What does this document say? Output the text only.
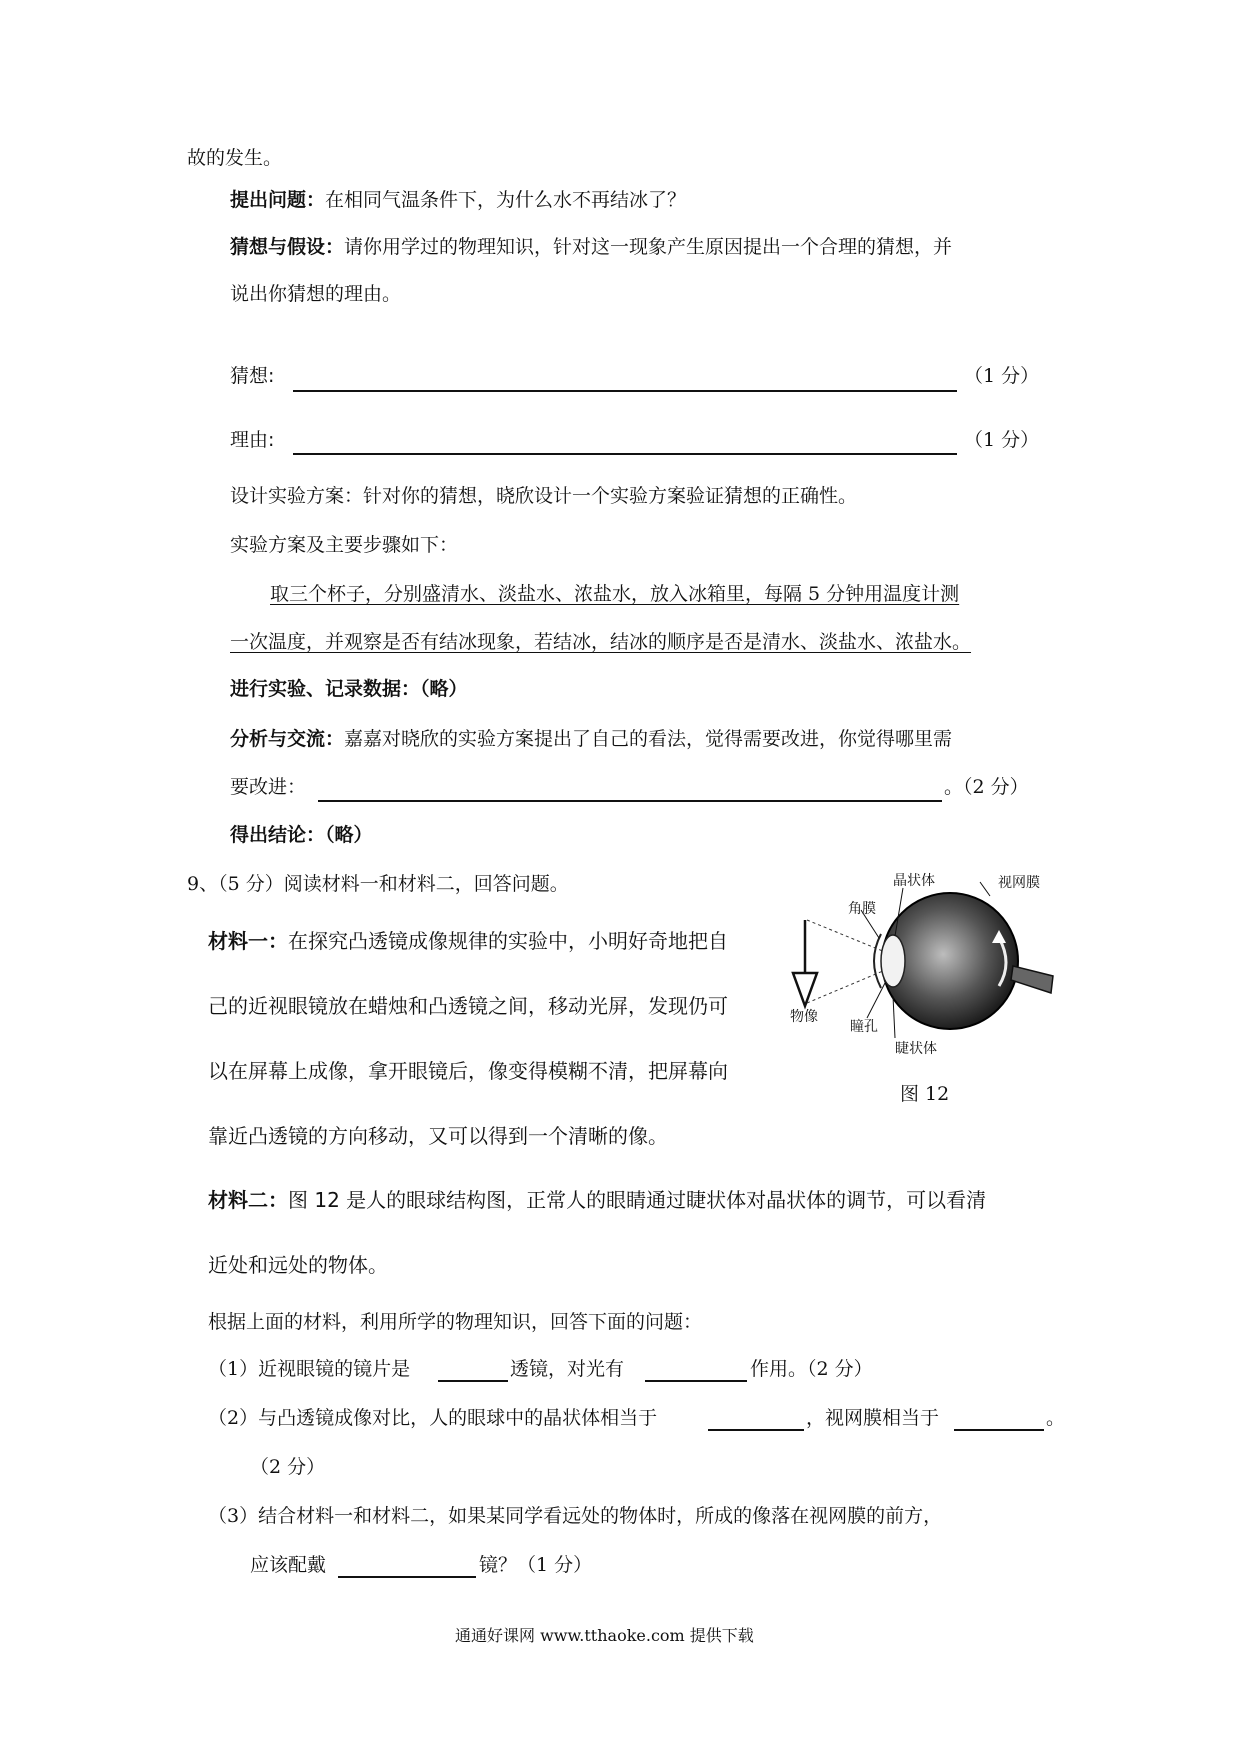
故的发生。
提出问题：在相同气温条件下，为什么水不再结冰了？
猜想与假设：请你用学过的物理知识，针对这一现象产生原因提出一个合理的猜想，并
说出你猜想的理由。
猜想:	（1 分）
理由:	（1 分）
设计实验方案：针对你的猜想，晓欣设计一个实验方案验证猜想的正确性。
实验方案及主要步骤如下：
取三个杯子，分别盛清水、淡盐水、浓盐水，放入冰箱里，每隔 5 分钟用温度计测
一次温度，并观察是否有结冰现象，若结冰，结冰的顺序是否是清水、淡盐水、浓盐水。
进行实验、记录数据：（略）
分析与交流：嘉嘉对晓欣的实验方案提出了自己的看法，觉得需要改进，你觉得哪里需
要改进：	。（2 分）
得出结论：（略）
9、（5 分）阅读材料一和材料二，回答问题。
材料一：在探究凸透镜成像规律的实验中，小明好奇地把自
己的近视眼镜放在蜡烛和凸透镜之间，移动光屏，发现仍可
以在屏幕上成像，拿开眼镜后，像变得模糊不清，把屏幕向
靠近凸透镜的方向移动，又可以得到一个清晰的像。
晶状体	视网膜
角膜
物像
瞳孔
睫状体
图 12
材料二：图 12 是人的眼球结构图，正常人的眼睛通过睫状体对晶状体的调节，可以看清
近处和远处的物体。
根据上面的材料，利用所学的物理知识，回答下面的问题：
（1）近视眼镜的镜片是	透镜，对光有	作用。（2 分）
（2）与凸透镜成像对比，人的眼球中的晶状体相当于	，视网膜相当于	。
（2 分）
（3）结合材料一和材料二，如果某同学看远处的物体时，所成的像落在视网膜的前方，
应该配戴	镜？（1 分）
通通好课网 www.tthaoke.com 提供下载
